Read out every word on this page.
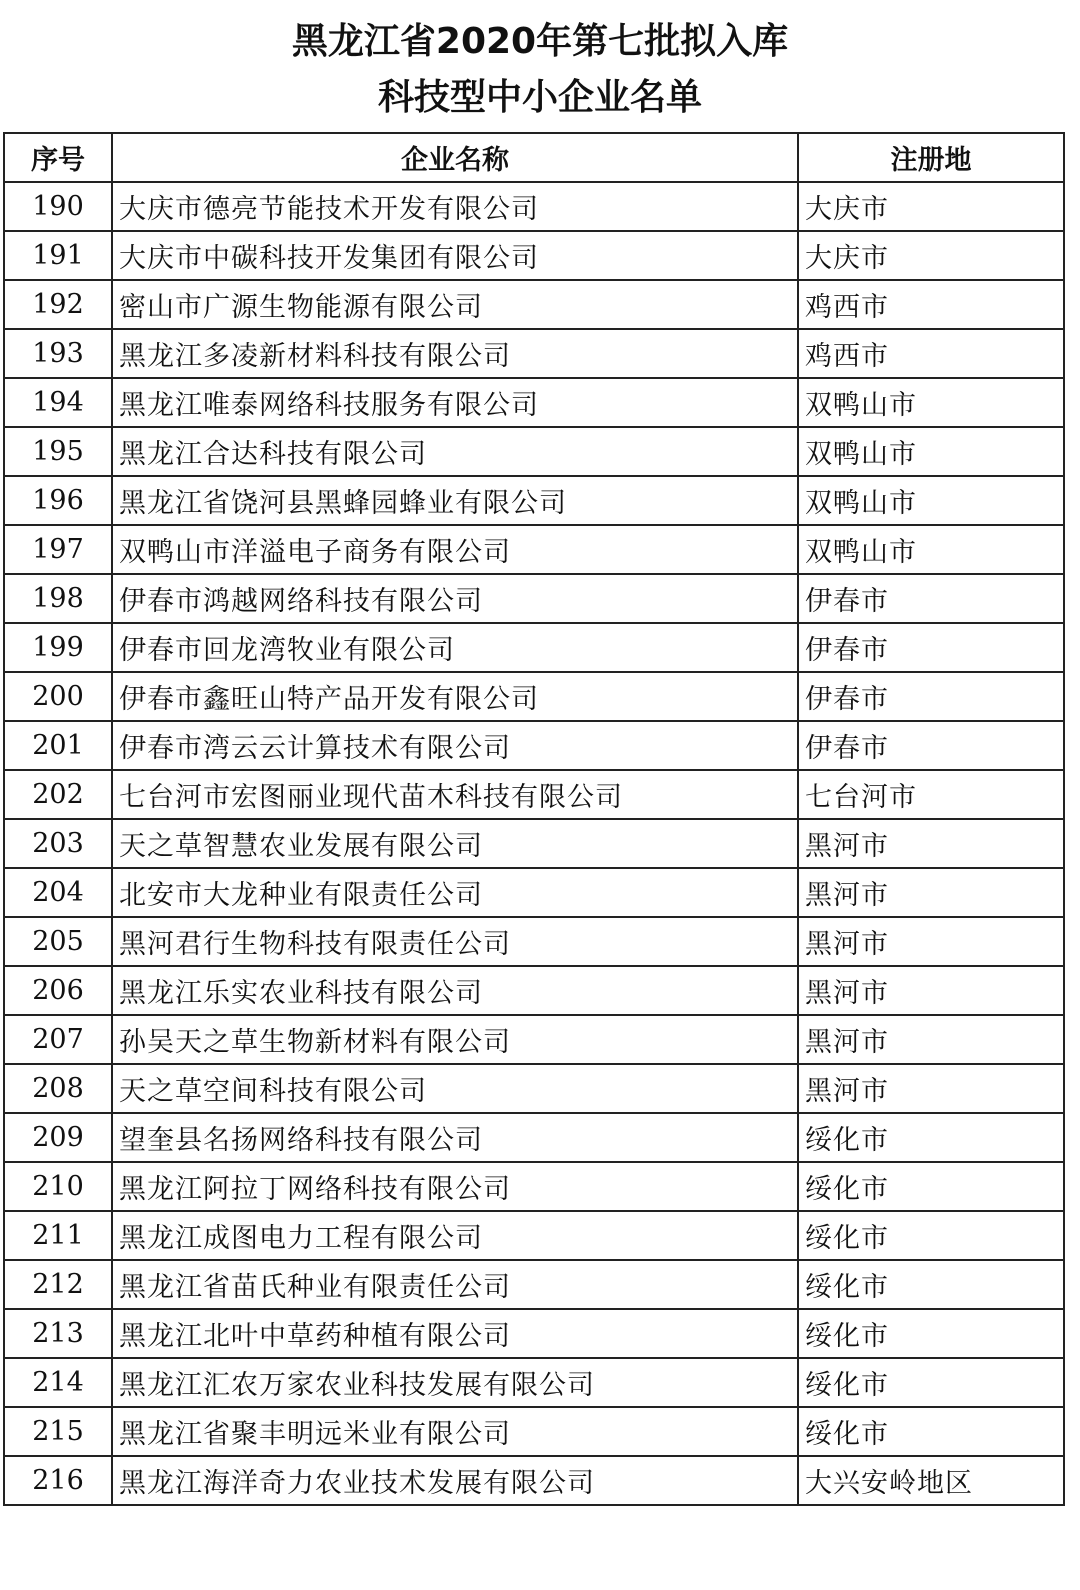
黑龙江省2020年第七批拟入库
科技型中小企业名单
序号	企业名称	注册地
190	大庆市德亮节能技术开发有限公司	大庆市
191	大庆市中碳科技开发集团有限公司	大庆市
192	密山市广源生物能源有限公司	鸡西市
193	黑龙江多凌新材料科技有限公司	鸡西市
194	黑龙江唯泰网络科技服务有限公司	双鸭山市
195	黑龙江合达科技有限公司	双鸭山市
196	黑龙江省饶河县黑蜂园蜂业有限公司	双鸭山市
197	双鸭山市洋溢电子商务有限公司	双鸭山市
198	伊春市鸿越网络科技有限公司	伊春市
199	伊春市回龙湾牧业有限公司	伊春市
200	伊春市鑫旺山特产品开发有限公司	伊春市
201	伊春市湾云云计算技术有限公司	伊春市
202	七台河市宏图丽业现代苗木科技有限公司	七台河市
203	天之草智慧农业发展有限公司	黑河市
204	北安市大龙种业有限责任公司	黑河市
205	黑河君行生物科技有限责任公司	黑河市
206	黑龙江乐实农业科技有限公司	黑河市
207	孙吴天之草生物新材料有限公司	黑河市
208	天之草空间科技有限公司	黑河市
209	望奎县名扬网络科技有限公司	绥化市
210	黑龙江阿拉丁网络科技有限公司	绥化市
211	黑龙江成图电力工程有限公司	绥化市
212	黑龙江省苗氏种业有限责任公司	绥化市
213	黑龙江北叶中草药种植有限公司	绥化市
214	黑龙江汇农万家农业科技发展有限公司	绥化市
215	黑龙江省聚丰明远米业有限公司	绥化市
216	黑龙江海洋奇力农业技术发展有限公司	大兴安岭地区
